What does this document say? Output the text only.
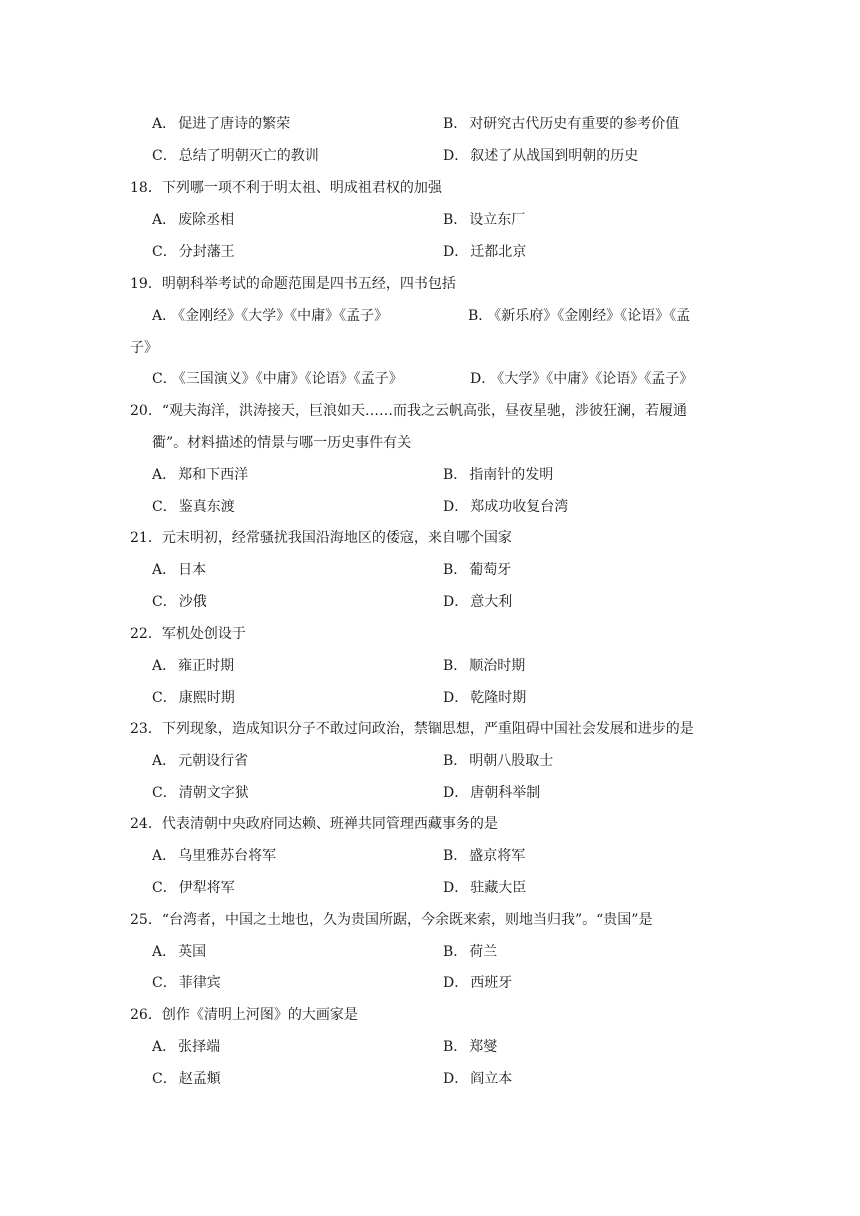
A． 促进了唐诗的繁荣	B． 对研究古代历史有重要的参考价值
C． 总结了明朝灭亡的教训	D． 叙述了从战国到明朝的历史
18．下列哪一项不利于明太祖、明成祖君权的加强
A． 废除丞相	B． 设立东厂
C． 分封藩王	D． 迁都北京
19．明朝科举考试的命题范围是四书五经，四书包括
A． 《金刚经》《大学》《中庸》《孟子》	B． 《新乐府》《金刚经》《论语》《孟
子》
C． 《三国演义》《中庸》《论语》《孟子》	D． 《大学》《中庸》《论语》《孟子》
20．“观夫海洋，洪涛接天，巨浪如天……而我之云帆高张，昼夜星驰，涉彼狂澜，若履通
衢”。材料描述的情景与哪一历史事件有关
A． 郑和下西洋	B． 指南针的发明
C． 鉴真东渡	D． 郑成功收复台湾
21．元末明初，经常骚扰我国沿海地区的倭寇，来自哪个国家
A． 日本	B． 葡萄牙
C． 沙俄	D． 意大利
22．军机处创设于
A． 雍正时期	B． 顺治时期
C． 康熙时期	D． 乾隆时期
23．下列现象，造成知识分子不敢过问政治，禁锢思想，严重阻碍中国社会发展和进步的是
A． 元朝设行省	B． 明朝八股取士
C． 清朝文字狱	D． 唐朝科举制
24．代表清朝中央政府同达赖、班禅共同管理西藏事务的是
A． 乌里雅苏台将军	B． 盛京将军
C． 伊犁将军	D． 驻藏大臣
25．“台湾者，中国之土地也，久为贵国所踞，今余既来索，则地当归我”。“贵国”是
A． 英国	B． 荷兰
C． 菲律宾	D． 西班牙
26．创作《清明上河图》的大画家是
A． 张择端	B． 郑燮
C． 赵孟頫	D． 阎立本
